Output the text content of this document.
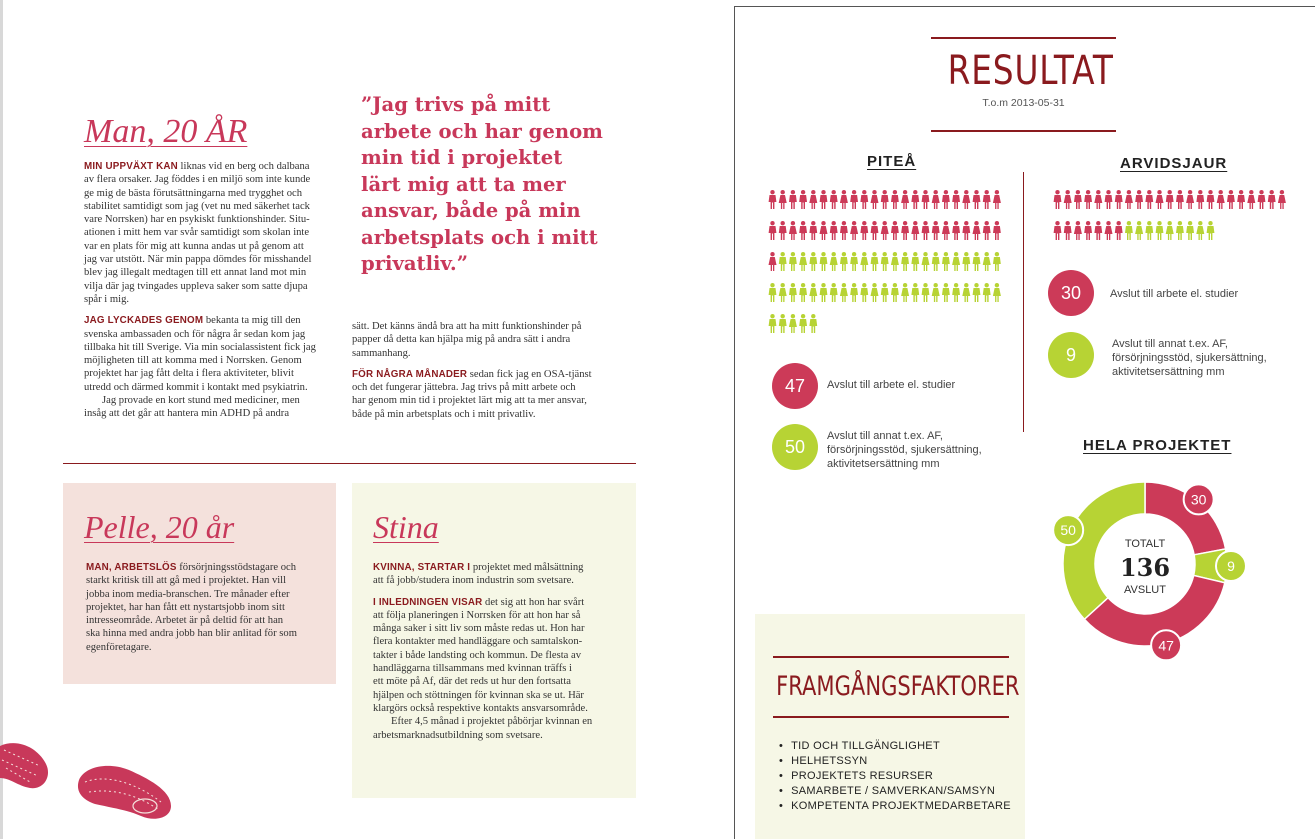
Man, 20 ÅR

MIN UPPVÄXT KAN liknas vid en berg och dalbana
av flera orsaker. Jag föddes i en miljö som inte kunde
ge mig de bästa förutsättningarna med trygghet och
stabilitet samtidigt som jag (vet nu med säkerhet tack
vare Norrsken) har en psykiskt funktionshinder. Situ-
ationen i mitt hem var svår samtidigt som skolan inte
var en plats för mig att kunna andas ut på genom att
jag var utstött. När min pappa dömdes för misshandel
blev jag illegalt medtagen till ett annat land mot min
vilja där jag tvingades uppleva saker som satte djupa
spår i mig.

JAG LYCKADES GENOM bekanta ta mig till den
svenska ambassaden och för några år sedan kom jag
tillbaka hit till Sverige. Via min socialassistent fick jag
möjligheten till att komma med i Norrsken. Genom
projektet har jag fått delta i flera aktiviteter, blivit
utredd och därmed kommit i kontakt med psykiatrin.

Jag provade en kort stund med mediciner, men
insåg att det går att hantera min ADHD på andra

”Jag trivs på mitt
arbete och har genom
min tid i projektet
lärt mig att ta mer
ansvar, både på min
arbetsplats och i mitt
privatliv.”

sätt. Det känns ändå bra att ha mitt funktionshinder på
papper då detta kan hjälpa mig på andra sätt i andra
sammanhang.

FÖR NÅGRA MÅNADER sedan fick jag en OSA-tjänst
och det fungerar jättebra. Jag trivs på mitt arbete och
har genom min tid i projektet lärt mig att ta mer ansvar,
både på min arbetsplats och i mitt privatliv.

Pelle, 20 år
MAN, ARBETSLÖS försörjningsstödstagare och
starkt kritisk till att gå med i projektet. Han vill
jobba inom media-branschen. Tre månader efter
projektet, har han fått ett nystartsjobb inom sitt
intresseområde. Arbetet är på deltid för att han
ska hinna med andra jobb han blir anlitad för som
egenföretagare.
Stina

KVINNA, STARTAR I projektet med målsättning
att få jobb/studera inom industrin som svetsare.

I INLEDNINGEN VISAR det sig att hon har svårt
att följa planeringen i Norrsken för att hon har så
många saker i sitt liv som måste redas ut. Hon har
flera kontakter med handläggare och samtalskon-
takter i både landsting och kommun. De flesta av
handläggarna tillsammans med kvinnan träffs i
ett möte på Af, där det reds ut hur den fortsatta
hjälpen och stöttningen för kvinnan ska se ut. Här
klargörs också respektive kontakts ansvarsområde.

Efter 4,5 månad i projektet påbörjar kvinnan en
arbetsmarknadsutbildning som svetsare.

RESULTAT
T.o.m 2013-05-31
PITEÅ	ARVIDSJAUR
47	Avslut till arbete el. studier
50
Avslut till annat t.ex. AF,
försörjningsstöd, sjukersättning,
aktivitetsersättning mm
30	Avslut till arbete el. studier
9
Avslut till annat t.ex. AF,
försörjningsstöd, sjukersättning,
aktivitetsersättning mm
HELA PROJEKTET
30
9
47
50
TOTALT
136
AVSLUT
FRAMGÅNGSFAKTORER
• TID OCH TILLGÄNGLIGHET
• HELHETSSYN
• PROJEKTETS RESURSER
• SAMARBETE / SAMVERKAN/SAMSYN
• KOMPETENTA PROJEKTMEDARBETARE
